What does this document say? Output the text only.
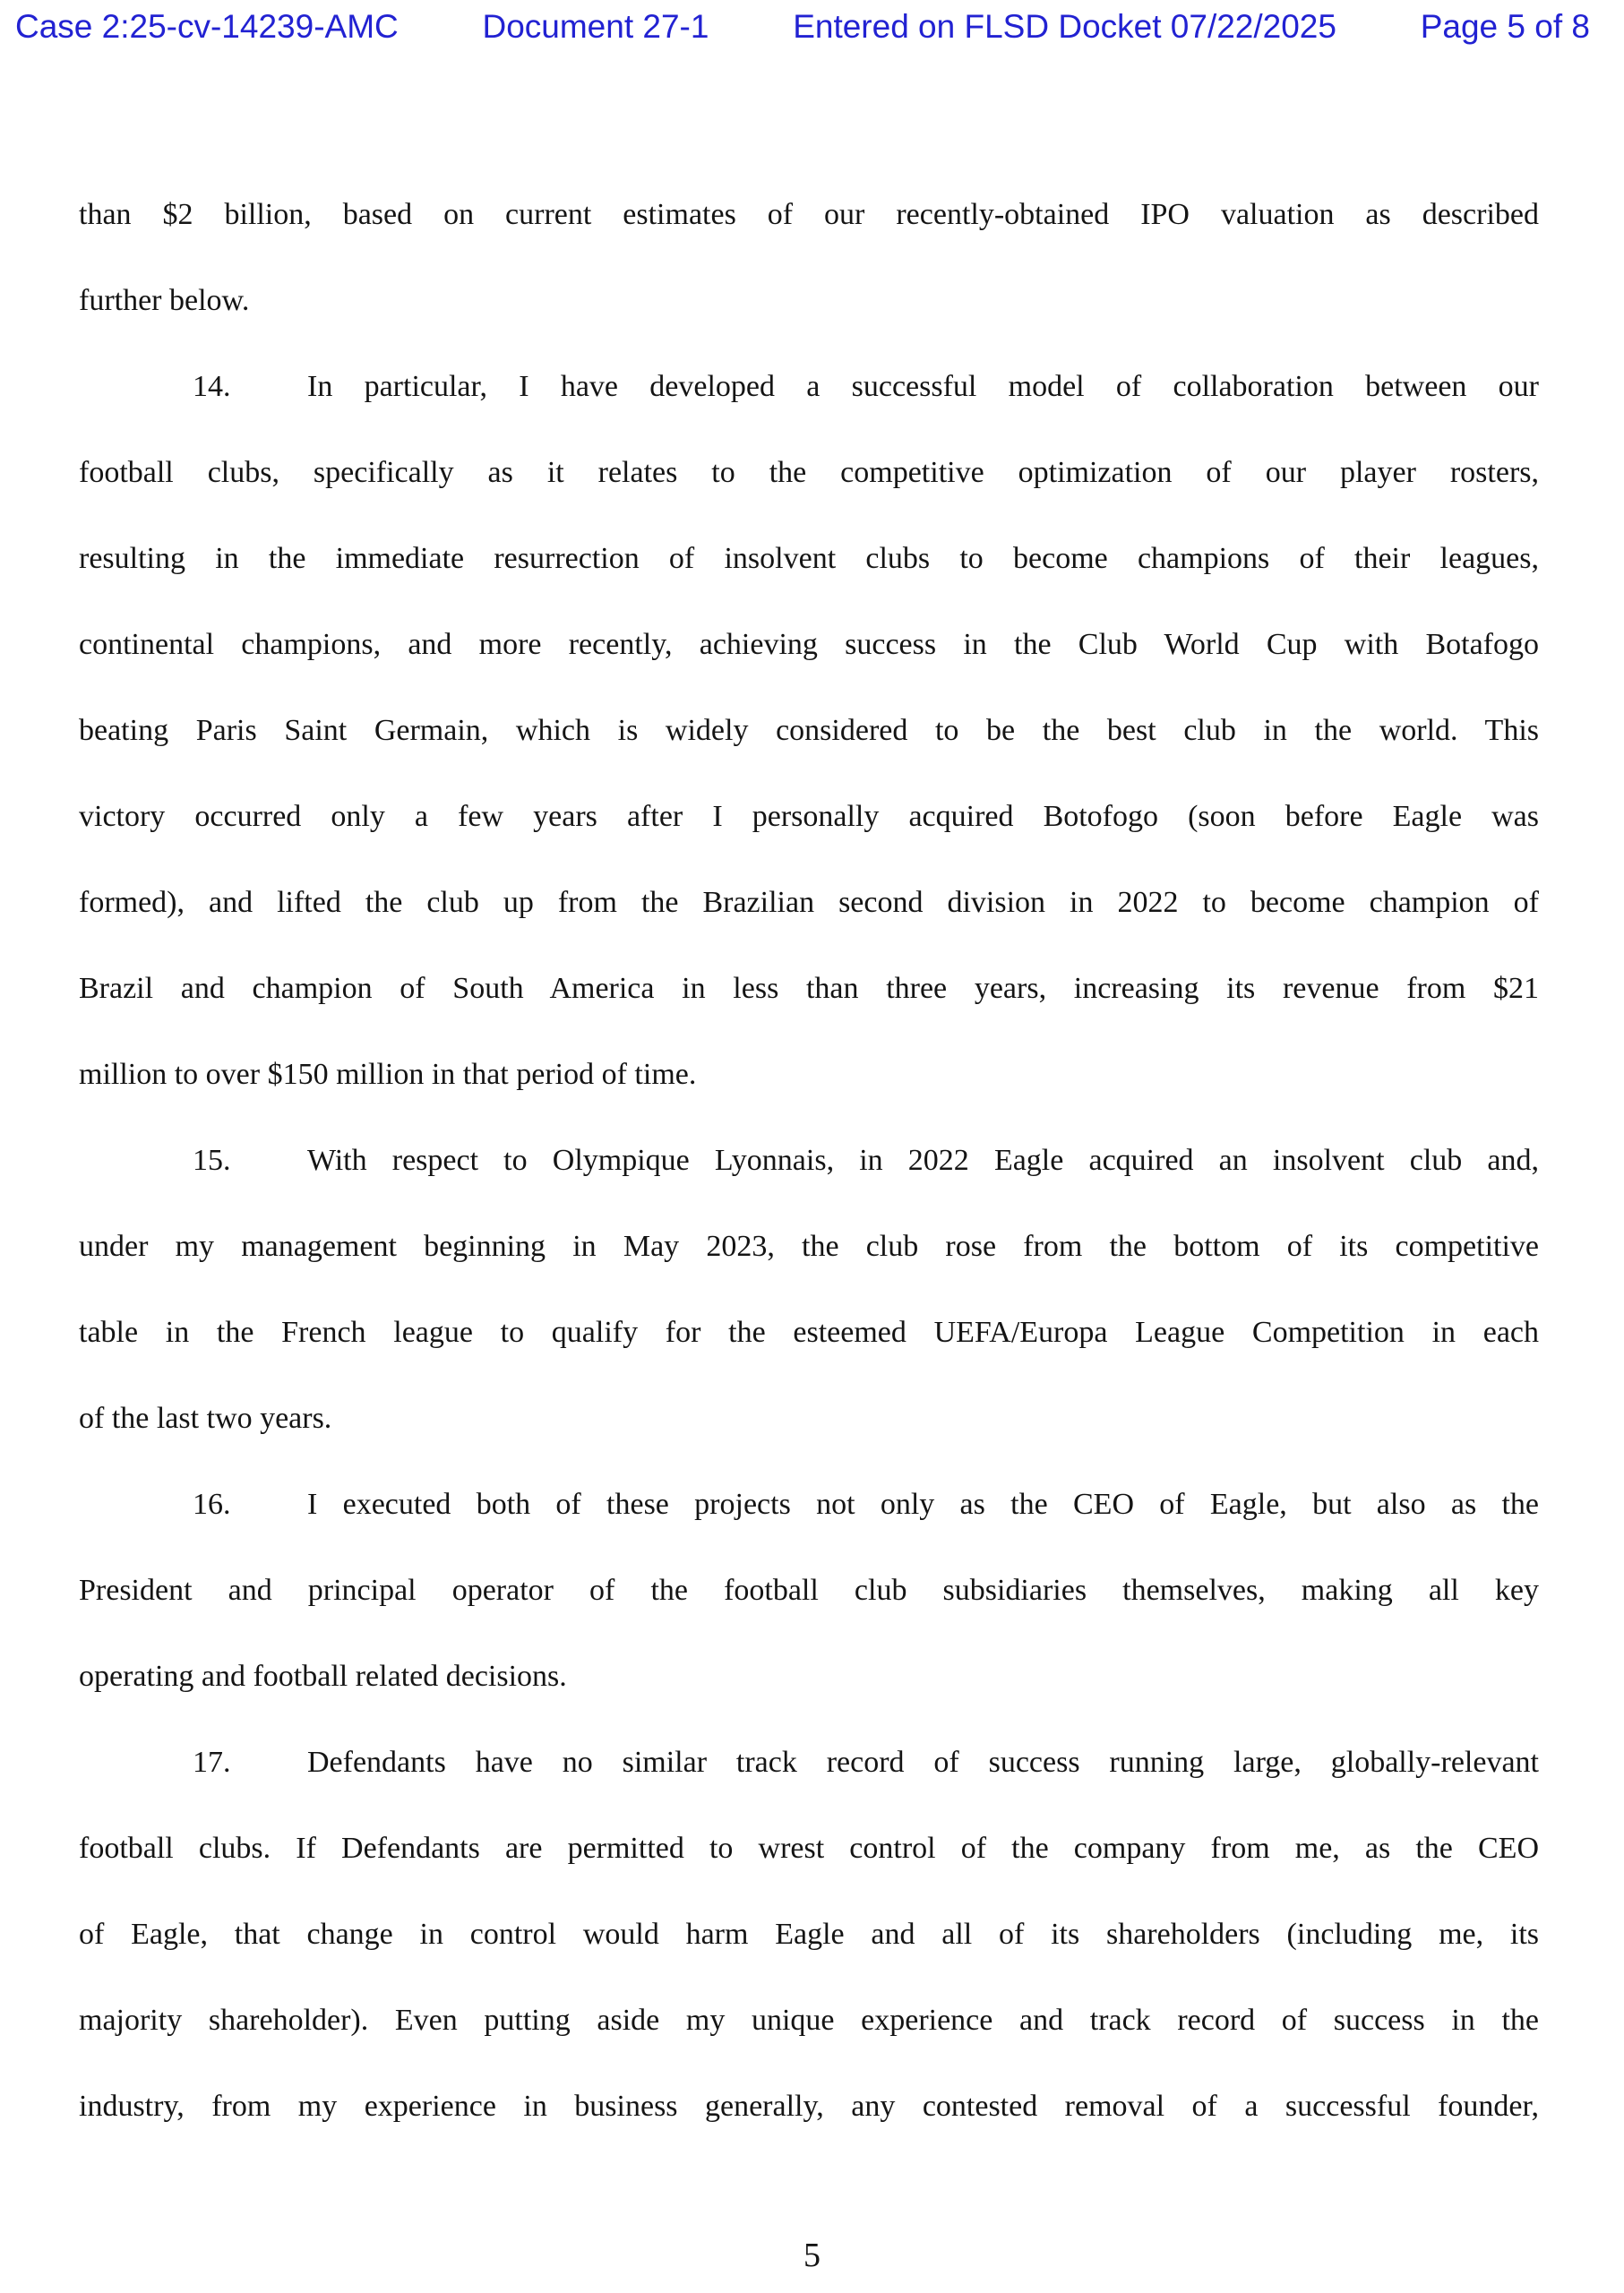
Case 2:25-cv-14239-AMC	Document 27-1	Entered on FLSD Docket 07/22/2025	Page 5 of 8
than $2 billion, based on current estimates of our recently-obtained IPO valuation as described
further below.
14.	In particular, I have developed a successful model of collaboration between our
football clubs, specifically as it relates to the competitive optimization of our player rosters,
resulting in the immediate resurrection of insolvent clubs to become champions of their leagues,
continental champions, and more recently, achieving success in the Club World Cup with Botafogo
beating Paris Saint Germain, which is widely considered to be the best club in the world. This
victory occurred only a few years after I personally acquired Botofogo (soon before Eagle was
formed), and lifted the club up from the Brazilian second division in 2022 to become champion of
Brazil and champion of South America in less than three years, increasing its revenue from $21
million to over $150 million in that period of time.
15.	With respect to Olympique Lyonnais, in 2022 Eagle acquired an insolvent club and,
under my management beginning in May 2023, the club rose from the bottom of its competitive
table in the French league to qualify for the esteemed UEFA/Europa League Competition in each
of the last two years.
16.	I executed both of these projects not only as the CEO of Eagle, but also as the
President and principal operator of the football club subsidiaries themselves, making all key
operating and football related decisions.
17.	Defendants have no similar track record of success running large, globally-relevant
football clubs. If Defendants are permitted to wrest control of the company from me, as the CEO
of Eagle, that change in control would harm Eagle and all of its shareholders (including me, its
majority shareholder). Even putting aside my unique experience and track record of success in the
industry, from my experience in business generally, any contested removal of a successful founder,
5
